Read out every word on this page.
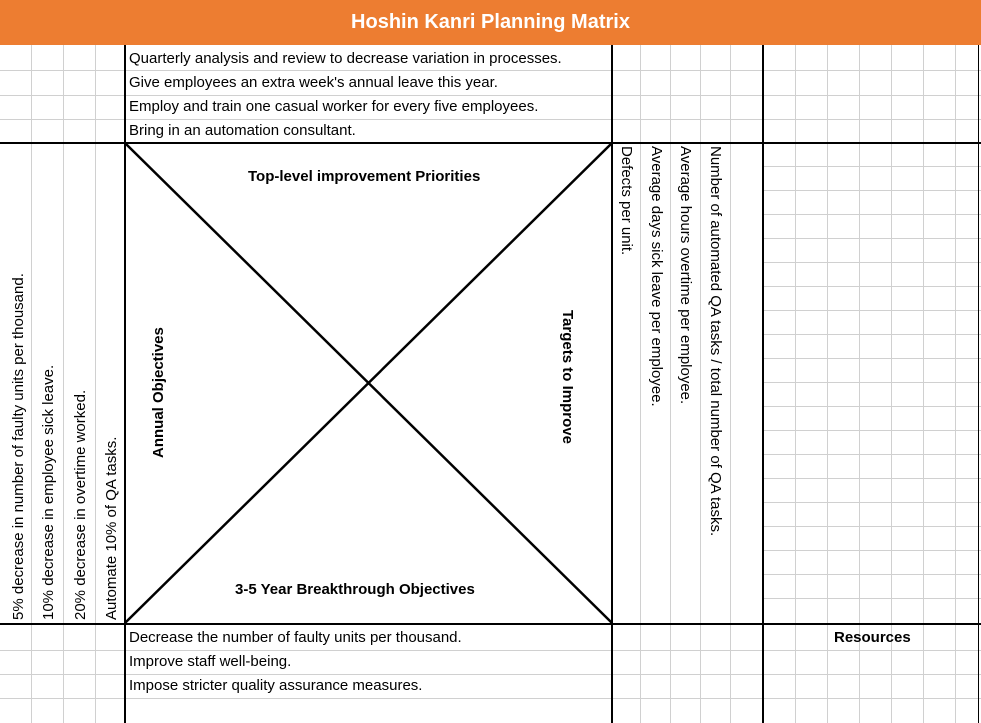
Hoshin Kanri Planning Matrix
Quarterly analysis and review to decrease variation in processes.
Give employees an extra week's annual leave this year.
Employ and train one casual worker for every five employees.
Bring in an automation consultant.
5% decrease in number of faulty units per thousand. 10% decrease in employee sick leave. 20% decrease in overtime worked. Automate 10% of QA tasks.
Top-level improvement Priorities
3-5 Year Breakthrough Objectives
Annual Objectives	Targets to Improve
Defects per unit. Average days sick leave per employee. Average hours overtime per employee. Number of automated QA tasks / total number of QA tasks.
Decrease the number of faulty units per thousand.
Improve staff well-being.
Impose stricter quality assurance measures.
Resources
